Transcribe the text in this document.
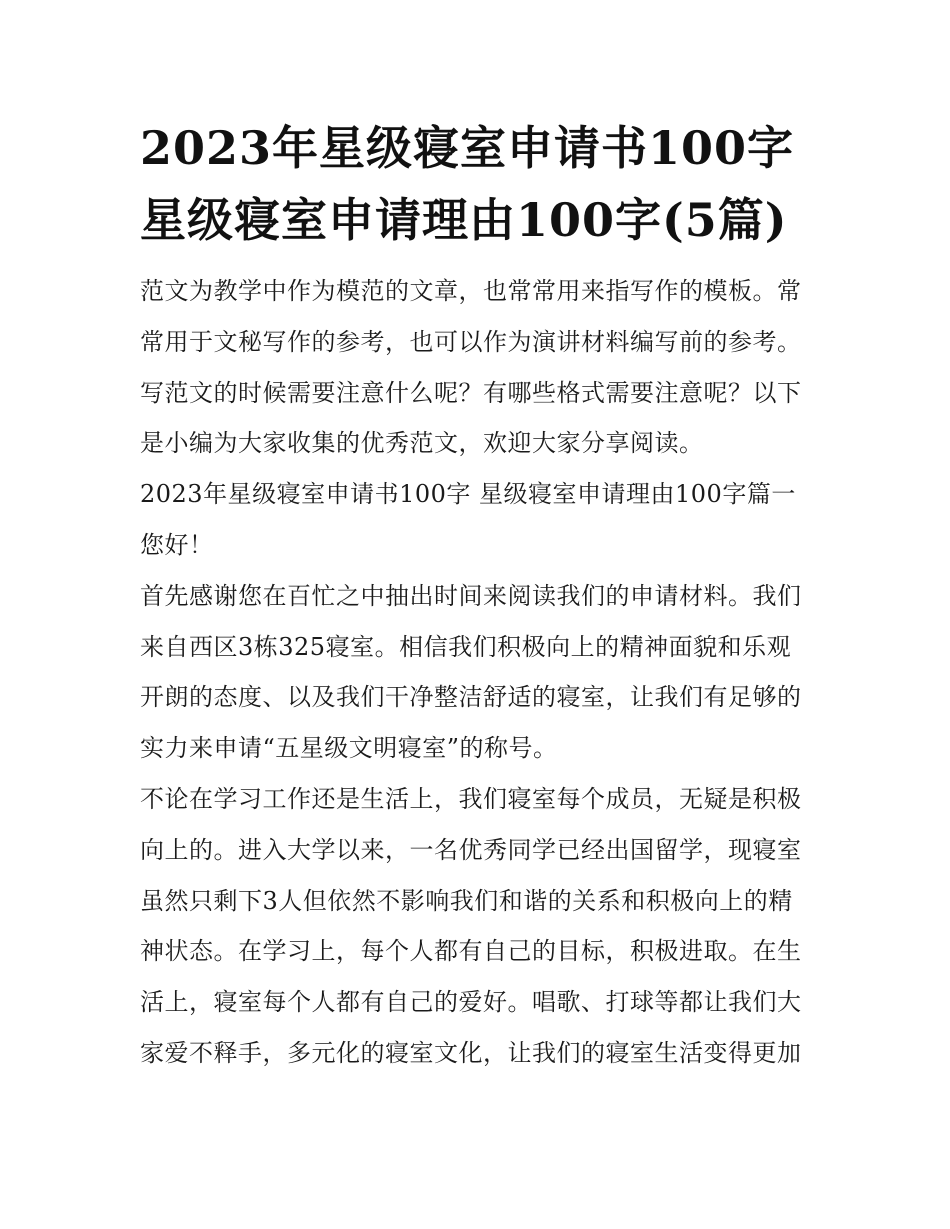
2023年星级寝室申请书100字 星级寝室申请理由100字(5篇)

范文为教学中作为模范的文章，也常常用来指写作的模板。常常用于文秘写作的参考，也可以作为演讲材料编写前的参考。写范文的时候需要注意什么呢？有哪些格式需要注意呢？以下是小编为大家收集的优秀范文，欢迎大家分享阅读。

2023年星级寝室申请书100字 星级寝室申请理由100字篇一

您好！

首先感谢您在百忙之中抽出时间来阅读我们的申请材料。我们来自西区3栋325寝室。相信我们积极向上的精神面貌和乐观开朗的态度、以及我们干净整洁舒适的寝室，让我们有足够的实力来申请“五星级文明寝室”的称号。

不论在学习工作还是生活上，我们寝室每个成员，无疑是积极向上的。进入大学以来，一名优秀同学已经出国留学，现寝室虽然只剩下3人但依然不影响我们和谐的关系和积极向上的精神状态。在学习上，每个人都有自己的目标，积极进取。在生活上，寝室每个人都有自己的爱好。唱歌、打球等都让我们大家爱不释手，多元化的寝室文化，让我们的寝室生活变得更加
